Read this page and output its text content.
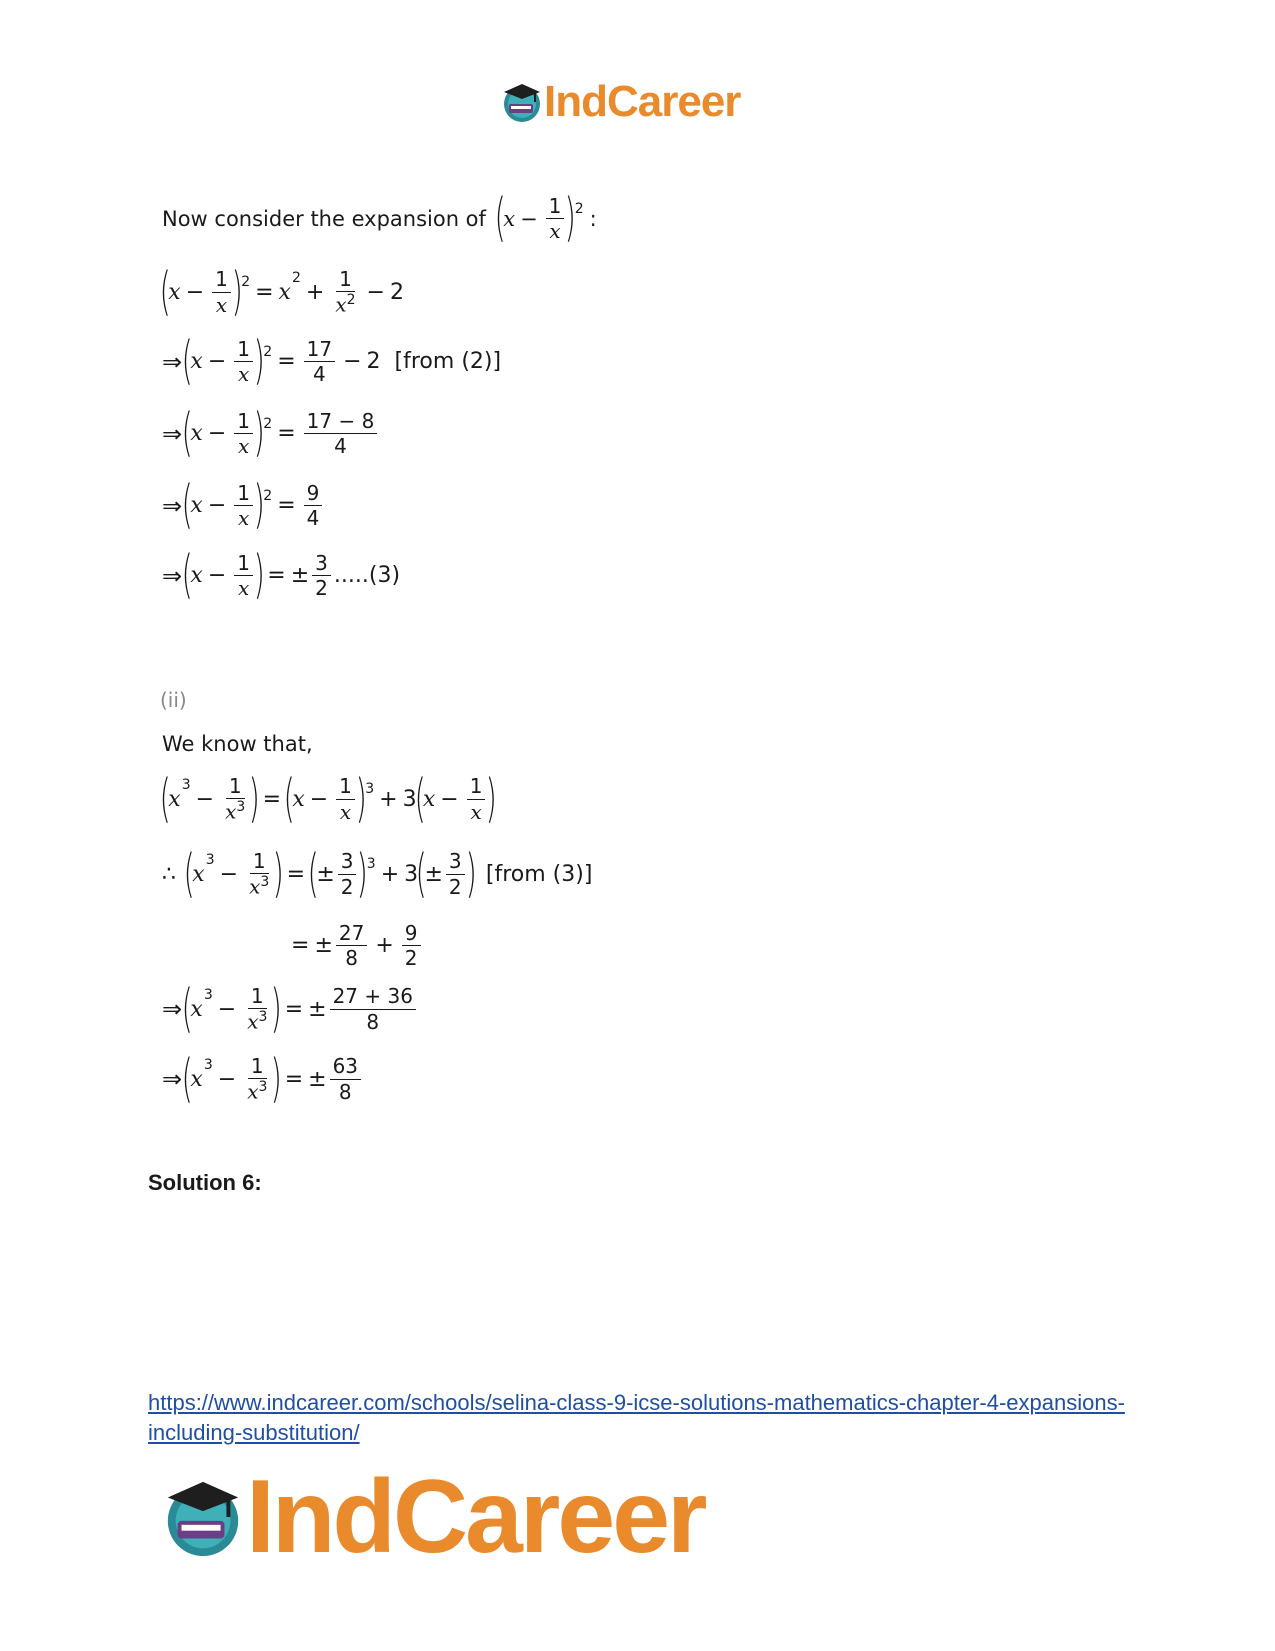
IndCareer
Now consider the expansion of (
$x - \frac{1}{x}$ )
2 :
(
$x - \frac{1}{x}$ )
2 = x
2
+ $\frac{1}{x^2} - 2$
⇒ (
$x - \frac{1}{x}$ )
$2 = \frac{17}{4} - 2$ [from (2)]
⇒ (
$x - \frac{1}{x}$ )
$2 = \frac{17 - 8}{4}$
⇒ (
$x - \frac{1}{x}$ )
$2 = \frac{9}{4}$
⇒ (
$x - \frac{1}{x}$ ) = ± $\frac{3}{2} .....(3)$
(ii)
We know that,
(
x
3
− $\frac{1}{x^3}$ ) = (
$x - \frac{1}{x}$ )
3 + 3
(
$x - \frac{1}{x}$ )
∴ (
x
3
− $\frac{1}{x^3}$ ) = (
± $\frac{3}{2}$ )
3 + 3
(
± $\frac{3}{2}$ ) [from (3)]
= ± $\frac{27}{8} + \frac{9}{2}$
⇒ (
x
3
− $\frac{1}{x^3}$ ) = ± $\frac{27 + 36}{8}$
⇒ (
x
3
− $\frac{1}{x^3}$ ) = ± $\frac{63}{8}$
Solution 6:
https://www.indcareer.com/schools/selina-class-9-icse-solutions-mathematics-chapter-4-expansions-including-substitution/
IndCareer
